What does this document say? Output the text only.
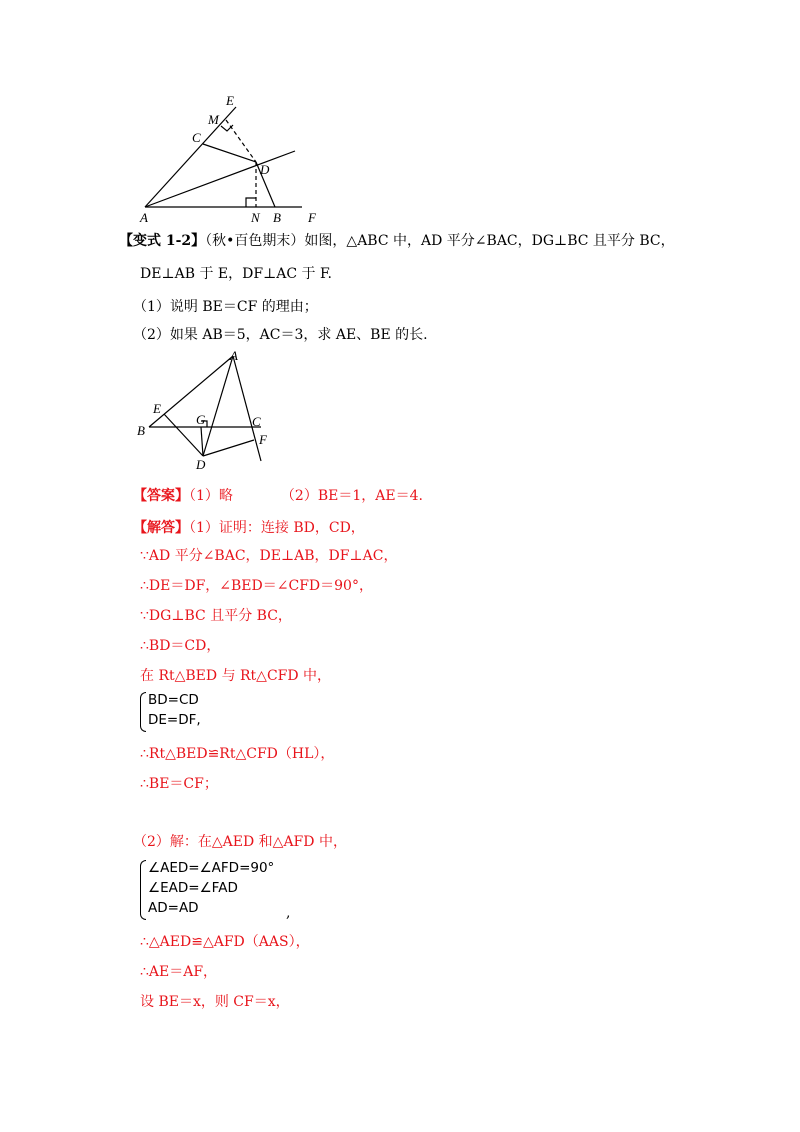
E
M
C
D
A	N B F
【变式 1-2】（秋•百色期末）如图，△ABC 中，AD 平分∠BAC，DG⊥BC 且平分 BC，
DE⊥AB 于 E，DF⊥AC 于 F.
（1）说明 BE＝CF 的理由；
（2）如果 AB＝5，AC＝3，求 AE、BE 的长.
A
E
G	C
B
F
D
【答案】（1）略	（2）BE＝1，AE＝4.
【解答】（1）证明：连接 BD，CD，
∵AD 平分∠BAC，DE⊥AB，DF⊥AC，
∴DE＝DF，∠BED＝∠CFD＝90°，
∵DG⊥BC 且平分 BC，
∴BD＝CD，
在 Rt△BED 与 Rt△CFD 中，
BD=CD
DE=DF,
∴Rt△BED≌Rt△CFD（HL），
∴BE＝CF；
（2）解：在△AED 和△AFD 中，
∠AED=∠AFD=90°
∠EAD=∠FAD
AD=AD	,
∴△AED≌△AFD（AAS），
∴AE＝AF，
设 BE＝x，则 CF＝x，
